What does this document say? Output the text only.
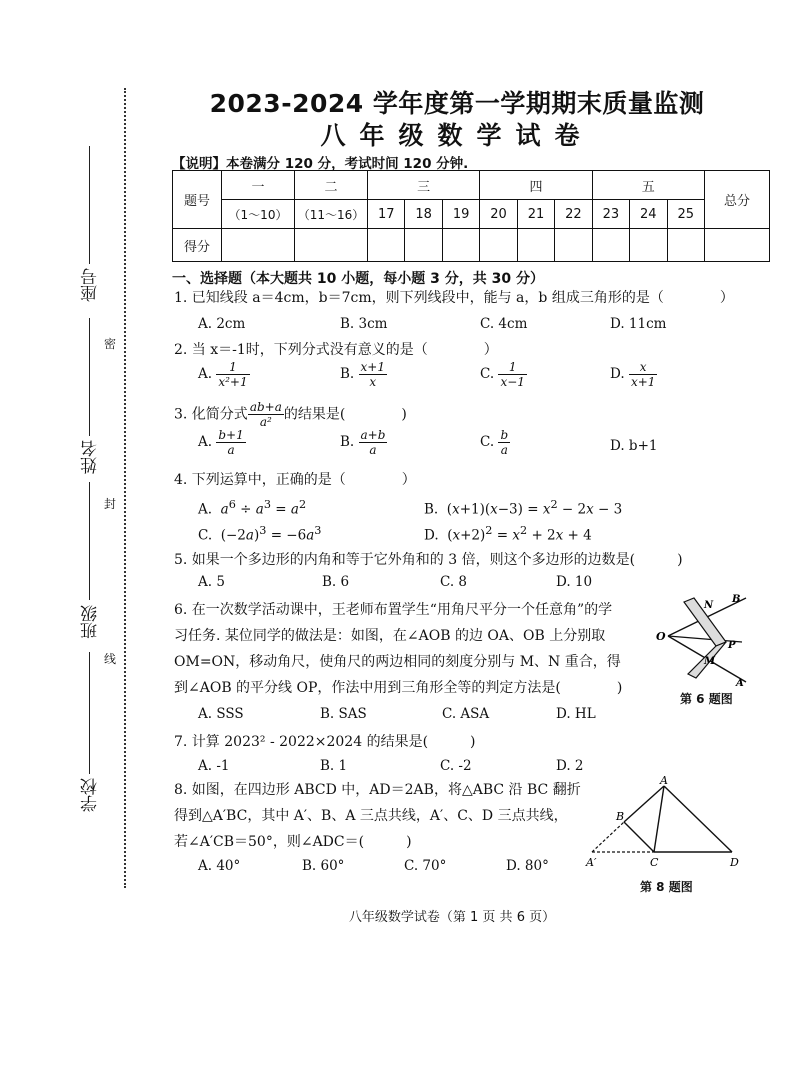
座号
姓名
班级
学校
密
封
线
2023-2024 学年度第一学期期末质量监测
八年级数学试卷
【说明】本卷满分 120 分，考试时间 120 分钟.
题号	一	二	三			四			五			总分
	（1～10）	（11～16）	17	18	19	20	21	22	23	24	25	
得分												
一、选择题（本大题共 10 小题，每小题 3 分，共 30 分）
1. 已知线段 a＝4cm，b＝7cm，则下列线段中，能与 a，b 组成三角形的是（　　　　）
A. 2cm	B. 3cm	C. 4cm	D. 11cm
2. 当 x＝-1时，下列分式没有意义的是（　　　　）
A. $\frac{1}{\text{x²+1}}$	B. $\frac{x+1}{x}$	C. $\frac{1}{x-1}$	D. $\frac{x}{x+1}$
3. 化简分式 $\frac{ab+a}{\text{a²}}$ 的结果是(　　　　)
A. $\frac{b+1}{a}$	B. $\frac{a+b}{a}$	C. $\frac{b}{a}$	D. b+1
4. 下列运算中，正确的是（　　　　）
A.  $a^6 \div a^3 = a^2$	B.  $(x+1)(x-3) = x^2 - 2x - 3$
C.  $(-2a)^3 = -6a^3$	D.  $(x+2)^2 = x^2 + 2x + 4$
5. 如果一个多边形的内角和等于它外角和的 3 倍，则这个多边形的边数是(　　　)
A. 5	B. 6	C. 8	D. 10
6. 在一次数学活动课中，王老师布置学生“用角尺平分一个任意角”的学
习任务. 某位同学的做法是：如图，在∠AOB 的边 OA、OB 上分别取
OM=ON，移动角尺，使角尺的两边相同的刻度分别与 M、N 重合，得
到∠AOB 的平分线 OP，作法中用到三角形全等的判定方法是(　　　　)
A. SSS	B. SAS	C. ASA	D. HL
O
N
B
P
M
A
第 6 题图
7. 计算 2023² - 2022×2024 的结果是(　　　)
A. -1	B. 1	C. -2	D. 2
8. 如图，在四边形 ABCD 中，AD＝2AB，将△ABC 沿 BC 翻折
得到△A′BC，其中 A′、B、A 三点共线，A′、C、D 三点共线，
若∠A′CB＝50°，则∠ADC＝(　　　)
A. 40°	B. 60°	C. 70°	D. 80°
A
B
A′	C	D
第 8 题图
八年级数学试卷（第 1 页 共 6 页）
